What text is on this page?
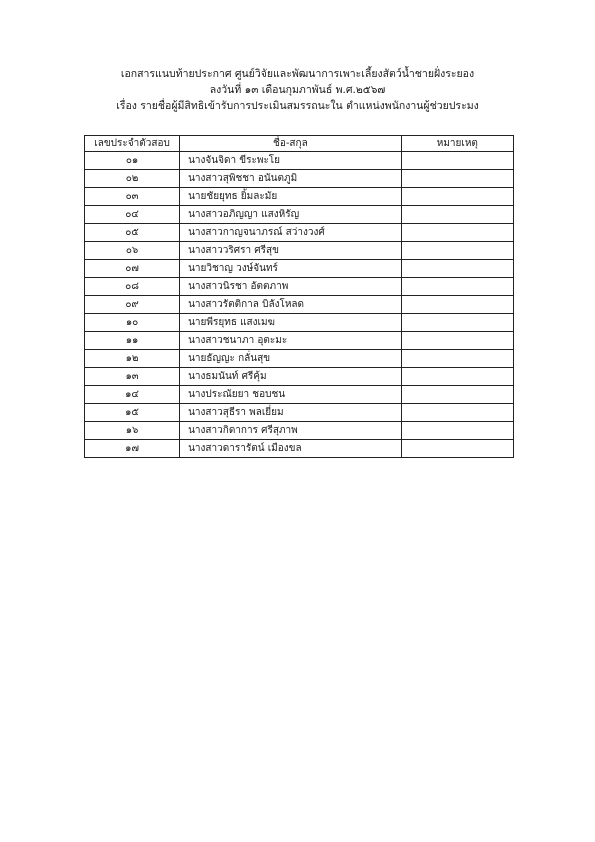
เอกสารแนบท้ายประกาศ ศูนย์วิจัยและพัฒนาการเพาะเลี้ยงสัตว์น้ำชายฝั่งระยอง
ลงวันที่ ๑๓ เดือนกุมภาพันธ์ พ.ศ.๒๕๖๗
เรื่อง รายชื่อผู้มีสิทธิเข้ารับการประเมินสมรรถนะใน ตำแหน่งพนักงานผู้ช่วยประมง
เลขประจำตัวสอบ	ชื่อ-สกุล	หมายเหตุ
๐๑	นางจันจิดา ขีระพะโย	
๐๒	นางสาวสุพิชชา อนันตภูมิ	
๐๓	นายชัยยุทธ ยิ้มละมัย	
๐๔	นางสาวอภิญญา แสงหิรัญ	
๐๕	นางสาวกาญจนาภรณ์ สว่างวงศ์	
๐๖	นางสาววริศรา ศรีสุข	
๐๗	นายวิชาญ วงษ์จันทร์	
๐๘	นางสาวนิรชา อัตตภาพ	
๐๙	นางสาวรัตติกาล บิลังโหลด	
๑๐	นายพีรยุทธ แสงเมฆ	
๑๑	นางสาวชนาภา อุตะมะ	
๑๒	นายธัญญะ กลั่นสุข	
๑๓	นางธมนันท์ ศรีคุ้ม	
๑๔	นางประณัยยา ชอบชน	
๑๕	นางสาวสุธีรา พลเยี่ยม	
๑๖	นางสาวกิดาการ ศรีสุภาพ	
๑๗	นางสาวดารารัตน์ เมืองขล	
